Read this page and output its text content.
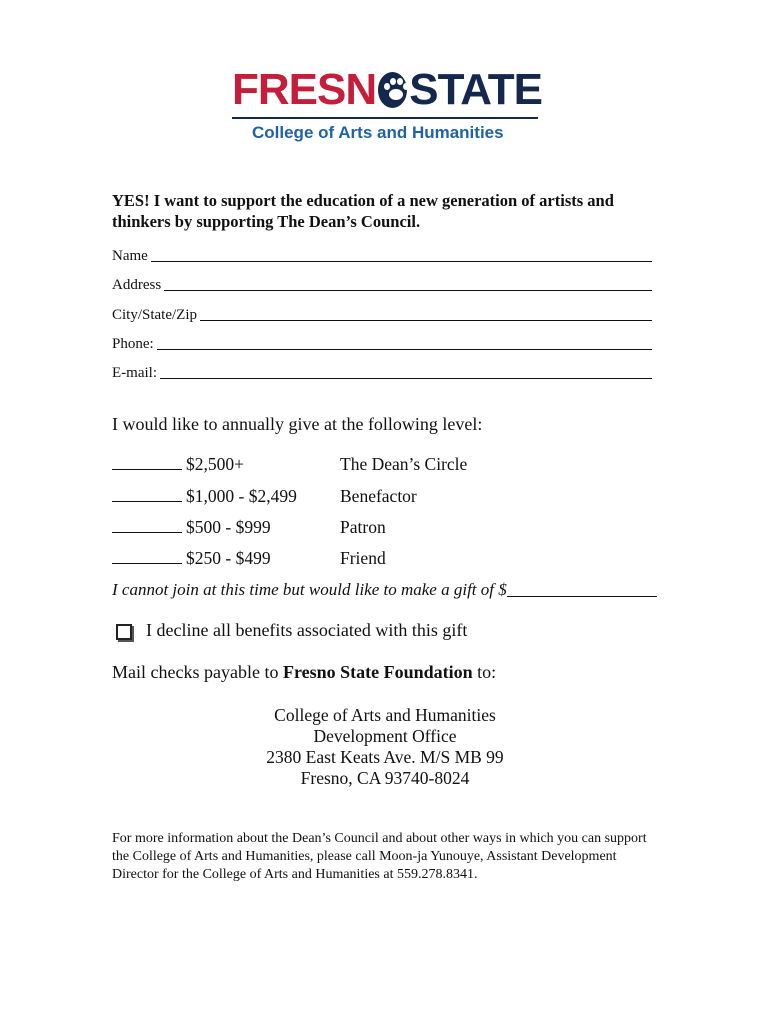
FRESN STATE
College of Arts and Humanities
YES! I want to support the education of a new generation of artists and thinkers by supporting The Dean’s Council.
Name
Address
City/State/Zip
Phone:
E-mail:
I would like to annually give at the following level:
$2,500+	The Dean’s Circle
$1,000 - $2,499 Benefactor
$500 - $999	Patron
$250 - $499	Friend
I cannot join at this time but would like to make a gift of $
I decline all benefits associated with this gift
Mail checks payable to Fresno State Foundation to:
College of Arts and Humanities
Development Office
2380 East Keats Ave. M/S MB 99
Fresno, CA 93740-8024
For more information about the Dean’s Council and about other ways in which you can support the College of Arts and Humanities, please call Moon-ja Yunouye, Assistant Development Director for the College of Arts and Humanities at 559.278.8341.
